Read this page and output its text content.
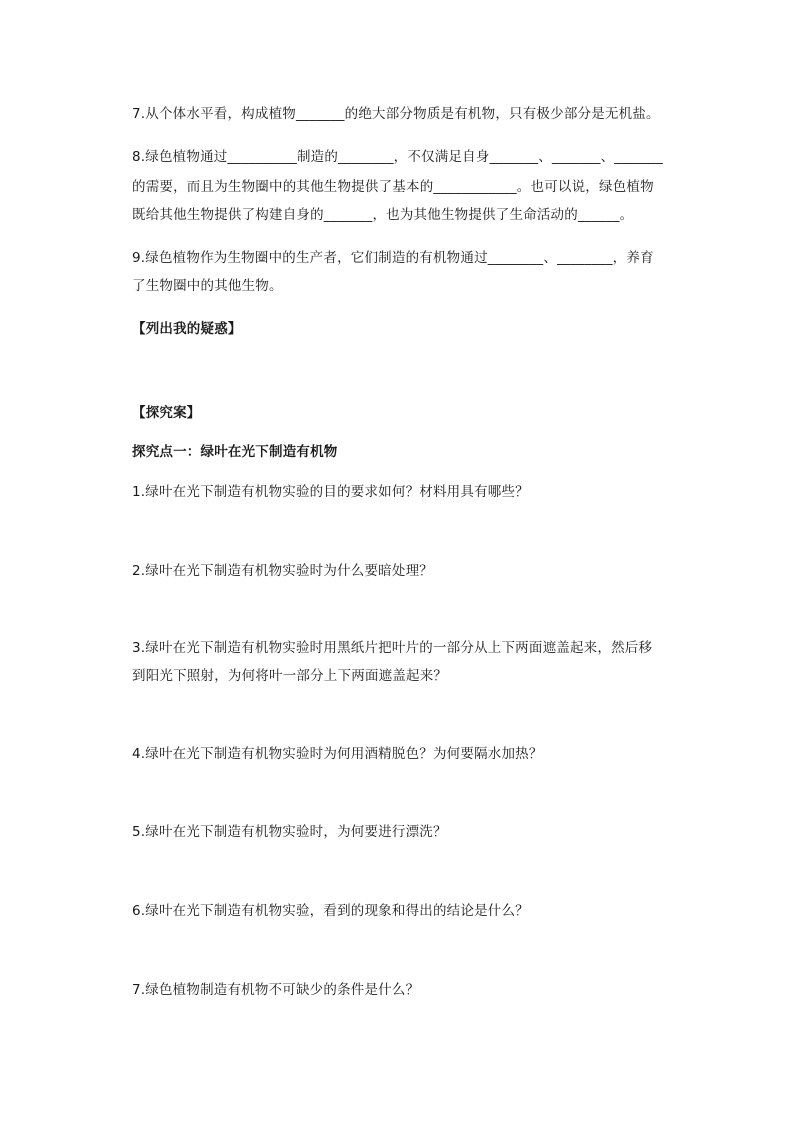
7.从个体水平看，构成植物_______的绝大部分物质是有机物，只有极少部分是无机盐。
8.绿色植物通过__________制造的________，不仅满足自身_______、_______、_______
的需要，而且为生物圈中的其他生物提供了基本的____________。也可以说，绿色植物
既给其他生物提供了构建自身的_______，也为其他生物提供了生命活动的______。
9.绿色植物作为生物圈中的生产者，它们制造的有机物通过________、________，养育
了生物圈中的其他生物。
【列出我的疑惑】
【探究案】
探究点一：绿叶在光下制造有机物
1.绿叶在光下制造有机物实验的目的要求如何？材料用具有哪些？
2.绿叶在光下制造有机物实验时为什么要暗处理？
3.绿叶在光下制造有机物实验时用黑纸片把叶片的一部分从上下两面遮盖起来，然后移
到阳光下照射，为何将叶一部分上下两面遮盖起来？
4.绿叶在光下制造有机物实验时为何用酒精脱色？为何要隔水加热？
5.绿叶在光下制造有机物实验时，为何要进行漂洗？
6.绿叶在光下制造有机物实验，看到的现象和得出的结论是什么？
7.绿色植物制造有机物不可缺少的条件是什么？
